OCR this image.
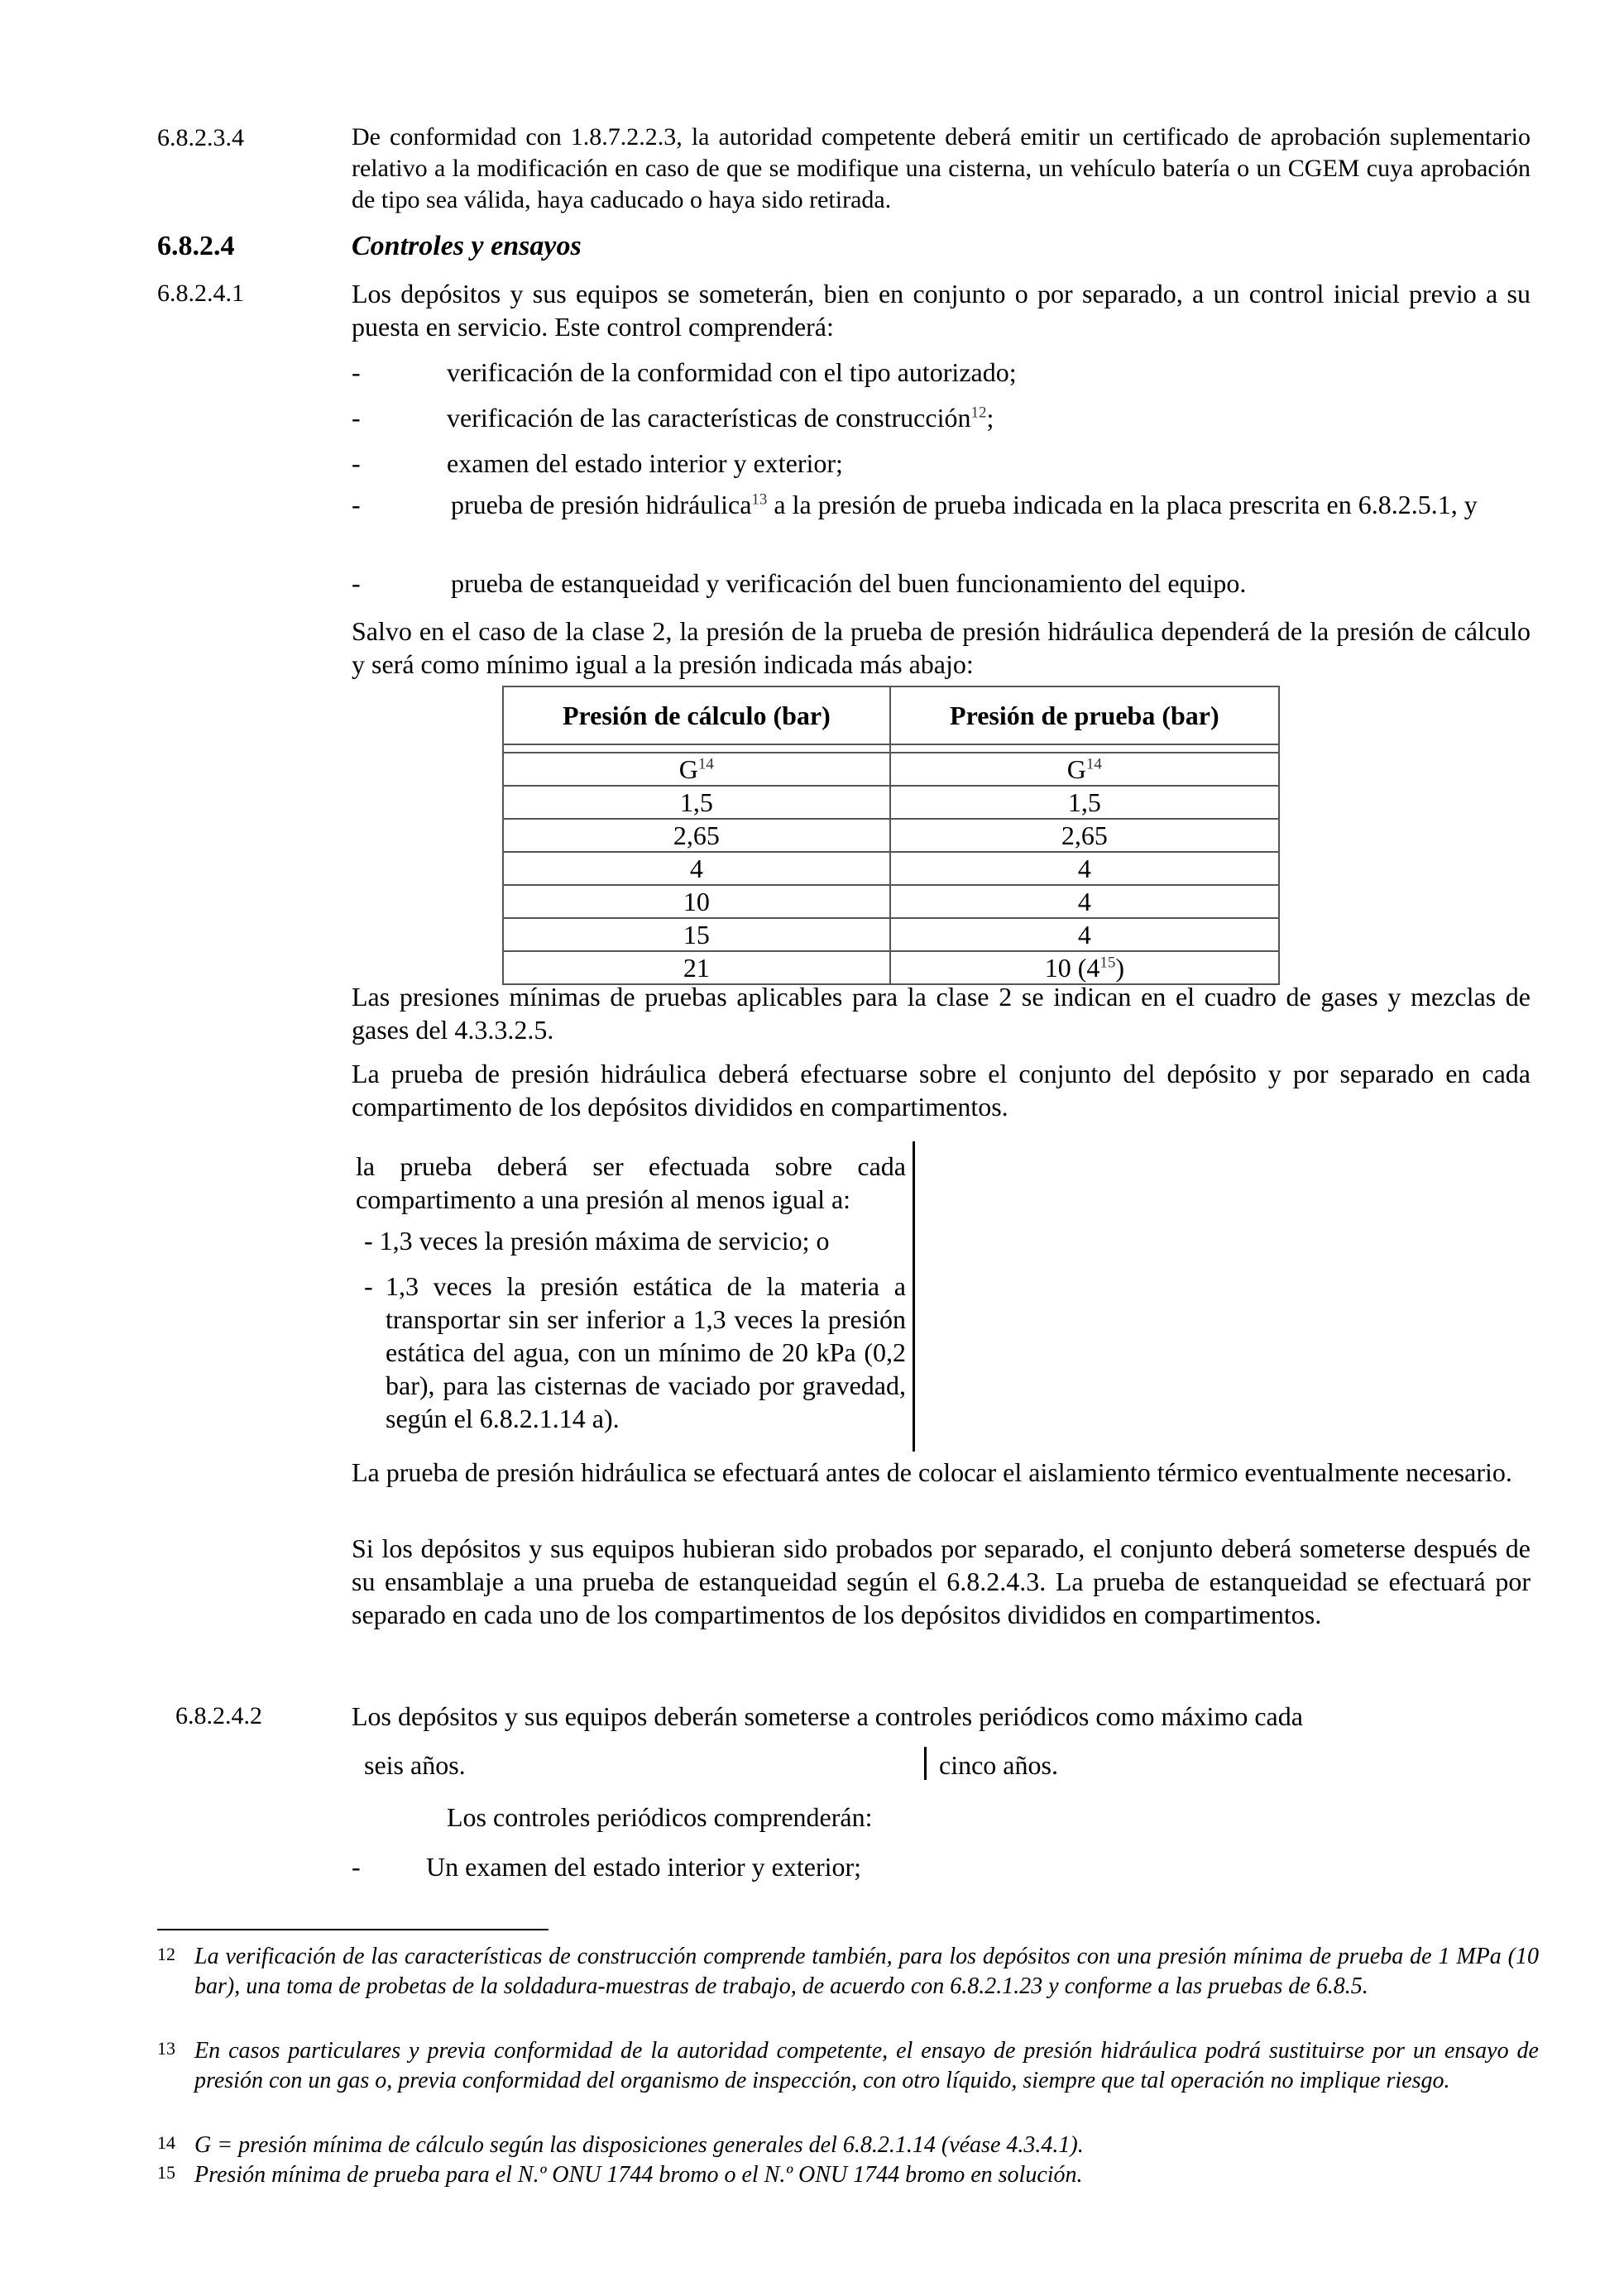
6.8.2.3.4	De conformidad con 1.8.7.2.2.3, la autoridad competente deberá emitir un certificado de aprobación suplementario relativo a la modificación en caso de que se modifique una cisterna, un vehículo batería o un CGEM cuya aprobación de tipo sea válida, haya caducado o haya sido retirada.
6.8.2.4	Controles y ensayos
6.8.2.4.1	Los depósitos y sus equipos se someterán, bien en conjunto o por separado, a un control inicial previo a su puesta en servicio. Este control comprenderá:
-	verificación de la conformidad con el tipo autorizado;
-	verificación de las características de construcción$^{12}$;
-	examen del estado interior y exterior;
-	prueba de presión hidráulica$^{13}$ a la presión de prueba indicada en la placa prescrita en 6.8.2.5.1, y
-	prueba de estanqueidad y verificación del buen funcionamiento del equipo.
Salvo en el caso de la clase 2, la presión de la prueba de presión hidráulica dependerá de la presión de cálculo y será como mínimo igual a la presión indicada más abajo:
Presión de cálculo (bar)	Presión de prueba (bar)

$G^{14}$	$G^{14}$
1,5	1,5
2,65	2,65
4	4
10	4
15	4
21	10 $(4^{15})$
Las presiones mínimas de pruebas aplicables para la clase 2 se indican en el cuadro de gases y mezclas de gases del 4.3.3.2.5.
La prueba de presión hidráulica deberá efectuarse sobre el conjunto del depósito y por separado en cada compartimento de los depósitos divididos en compartimentos.
la prueba deberá ser efectuada sobre cada compartimento a una presión al menos igual a:
- 1,3 veces la presión máxima de servicio; o
- 1,3 veces la presión estática de la materia a transportar sin ser inferior a 1,3 veces la presión estática del agua, con un mínimo de 20 kPa (0,2 bar), para las cisternas de vaciado por gravedad, según el 6.8.2.1.14 a).
La prueba de presión hidráulica se efectuará antes de colocar el aislamiento térmico eventualmente necesario.
Si los depósitos y sus equipos hubieran sido probados por separado, el conjunto deberá someterse después de su ensamblaje a una prueba de estanqueidad según el 6.8.2.4.3. La prueba de estanqueidad se efectuará por separado en cada uno de los compartimentos de los depósitos divididos en compartimentos.
6.8.2.4.2	Los depósitos y sus equipos deberán someterse a controles periódicos como máximo cada
seis años.	cinco años.
Los controles periódicos comprenderán:
- Un examen del estado interior y exterior;
12 La verificación de las características de construcción comprende también, para los depósitos con una presión mínima de prueba de 1 MPa (10 bar), una toma de probetas de la soldadura-muestras de trabajo, de acuerdo con 6.8.2.1.23 y conforme a las pruebas de 6.8.5.
13 En casos particulares y previa conformidad de la autoridad competente, el ensayo de presión hidráulica podrá sustituirse por un ensayo de presión con un gas o, previa conformidad del organismo de inspección, con otro líquido, siempre que tal operación no implique riesgo.
14 G = presión mínima de cálculo según las disposiciones generales del 6.8.2.1.14 (véase 4.3.4.1).
15 Presión mínima de prueba para el N.º ONU 1744 bromo o el N.º ONU 1744 bromo en solución.
